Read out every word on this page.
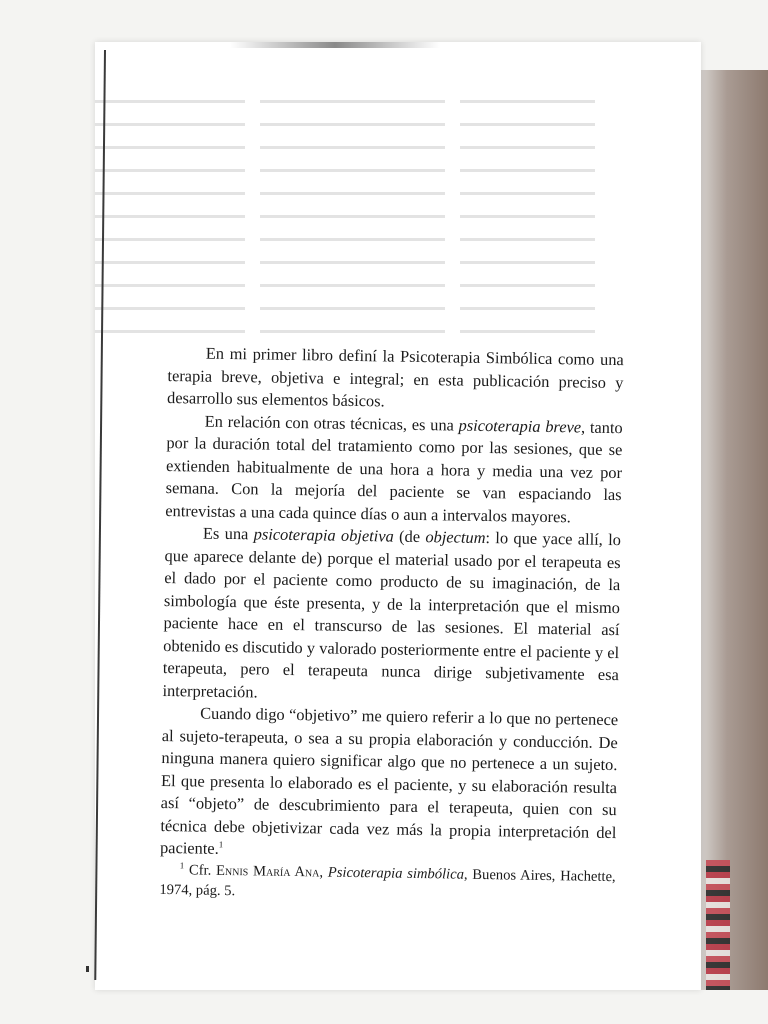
En mi primer libro definí la Psicoterapia Simbólica como una terapia breve, objetiva e integral; en esta publicación preciso y desarrollo sus elementos básicos.

En relación con otras técnicas, es una psicoterapia breve, tanto por la duración total del tratamiento como por las sesiones, que se extienden habitualmente de una hora a hora y media una vez por semana. Con la mejoría del paciente se van espaciando las entrevistas a una cada quince días o aun a intervalos mayores.

Es una psicoterapia objetiva (de objectum: lo que yace allí, lo que aparece delante de) porque el material usado por el terapeuta es el dado por el paciente como producto de su imaginación, de la simbología que éste presenta, y de la interpretación que el mismo paciente hace en el transcurso de las sesiones. El material así obtenido es discutido y valorado posteriormente entre el paciente y el terapeuta, pero el terapeuta nunca dirige subjetivamente esa interpretación.

Cuando digo “objetivo” me quiero referir a lo que no pertenece al sujeto-terapeuta, o sea a su propia elaboración y conducción. De ninguna manera quiero significar algo que no pertenece a un sujeto. El que presenta lo elaborado es el paciente, y su elaboración resulta así “objeto” de descubrimiento para el terapeuta, quien con su técnica debe objetivizar cada vez más la propia interpretación del paciente.$^1$

$^1$ Cfr. Ennis María Ana, Psicoterapia simbólica, Buenos Aires, Hachette, 1974, pág. 5.
